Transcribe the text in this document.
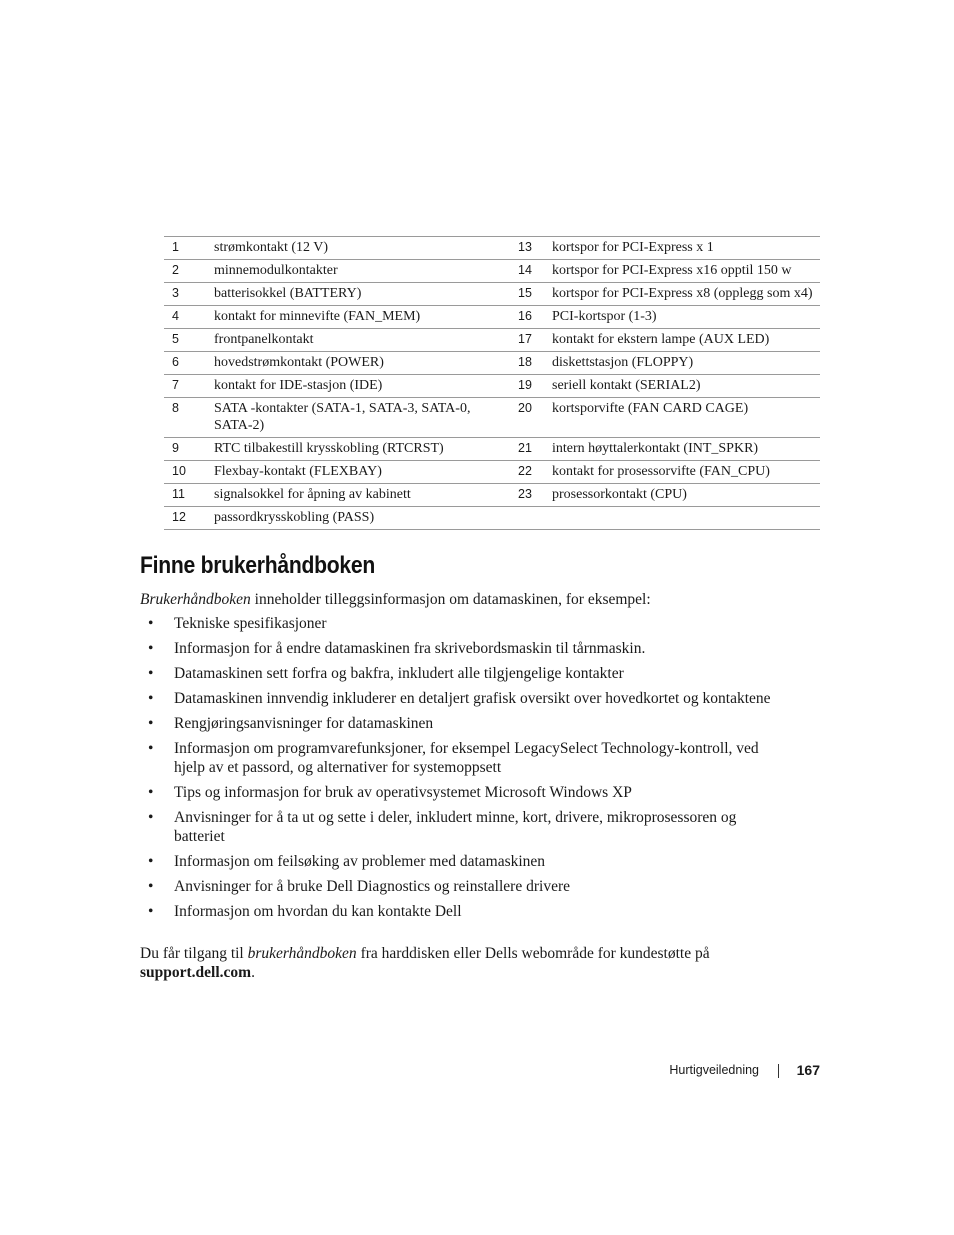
1	strømkontakt (12 V)	13	kortspor for PCI-Express x 1
2	minnemodulkontakter	14	kortspor for PCI-Express x16 opptil 150 w
3	batterisokkel (BATTERY)	15	kortspor for PCI-Express x8 (opplegg som x4)
4	kontakt for minnevifte (FAN_MEM)	16	PCI-kortspor (1-3)
5	frontpanelkontakt	17	kontakt for ekstern lampe (AUX LED)
6	hovedstrømkontakt (POWER)	18	diskettstasjon (FLOPPY)
7	kontakt for IDE-stasjon (IDE)	19	seriell kontakt (SERIAL2)
8	SATA -kontakter (SATA-1, SATA-3, SATA-0, SATA-2)	20	kortsporvifte (FAN CARD CAGE)
9	RTC tilbakestill krysskobling (RTCRST)	21	intern høyttalerkontakt (INT_SPKR)
10	Flexbay-kontakt (FLEXBAY)	22	kontakt for prosessorvifte (FAN_CPU)
11	signalsokkel for åpning av kabinett	23	prosessorkontakt (CPU)
12	passordkrysskobling (PASS)		
Finne brukerhåndboken

Brukerhåndboken inneholder tilleggsinformasjon om datamaskinen, for eksempel:

• Tekniske spesifikasjoner
• Informasjon for å endre datamaskinen fra skrivebordsmaskin til tårnmaskin.
• Datamaskinen sett forfra og bakfra, inkludert alle tilgjengelige kontakter
• Datamaskinen innvendig inkluderer en detaljert grafisk oversikt over hovedkortet og kontaktene
• Rengjøringsanvisninger for datamaskinen
• Informasjon om programvarefunksjoner, for eksempel LegacySelect Technology-kontroll, ved hjelp av et passord, og alternativer for systemoppsett
• Tips og informasjon for bruk av operativsystemet Microsoft Windows XP
• Anvisninger for å ta ut og sette i deler, inkludert minne, kort, drivere, mikroprosessoren og batteriet
• Informasjon om feilsøking av problemer med datamaskinen
• Anvisninger for å bruke Dell Diagnostics og reinstallere drivere
• Informasjon om hvordan du kan kontakte Dell

Du får tilgang til brukerhåndboken fra harddisken eller Dells webområde for kundestøtte på support.dell.com.

Hurtigveiledning	167
